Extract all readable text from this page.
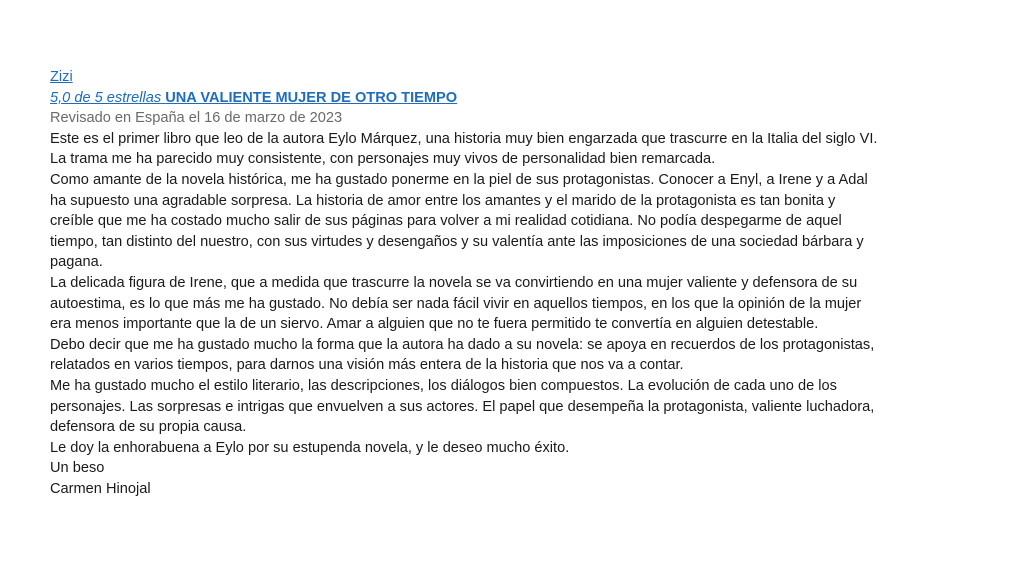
Zizi
5,0 de 5 estrellas UNA VALIENTE MUJER DE OTRO TIEMPO
Revisado en España el 16 de marzo de 2023
Este es el primer libro que leo de la autora Eylo Márquez, una historia muy bien engarzada que trascurre en la Italia del siglo VI.
La trama me ha parecido muy consistente, con personajes muy vivos de personalidad bien remarcada.
Como amante de la novela histórica, me ha gustado ponerme en la piel de sus protagonistas. Conocer a Enyl, a Irene y a Adal
ha supuesto una agradable sorpresa. La historia de amor entre los amantes y el marido de la protagonista es tan bonita y
creíble que me ha costado mucho salir de sus páginas para volver a mi realidad cotidiana. No podía despegarme de aquel
tiempo, tan distinto del nuestro, con sus virtudes y desengaños y su valentía ante las imposiciones de una sociedad bárbara y
pagana.
La delicada figura de Irene, que a medida que trascurre la novela se va convirtiendo en una mujer valiente y defensora de su
autoestima, es lo que más me ha gustado. No debía ser nada fácil vivir en aquellos tiempos, en los que la opinión de la mujer
era menos importante que la de un siervo. Amar a alguien que no te fuera permitido te convertía en alguien detestable.
Debo decir que me ha gustado mucho la forma que la autora ha dado a su novela: se apoya en recuerdos de los protagonistas,
relatados en varios tiempos, para darnos una visión más entera de la historia que nos va a contar.
Me ha gustado mucho el estilo literario, las descripciones, los diálogos bien compuestos. La evolución de cada uno de los
personajes. Las sorpresas e intrigas que envuelven a sus actores. El papel que desempeña la protagonista, valiente luchadora,
defensora de su propia causa.
Le doy la enhorabuena a Eylo por su estupenda novela, y le deseo mucho éxito.
Un beso
Carmen Hinojal
